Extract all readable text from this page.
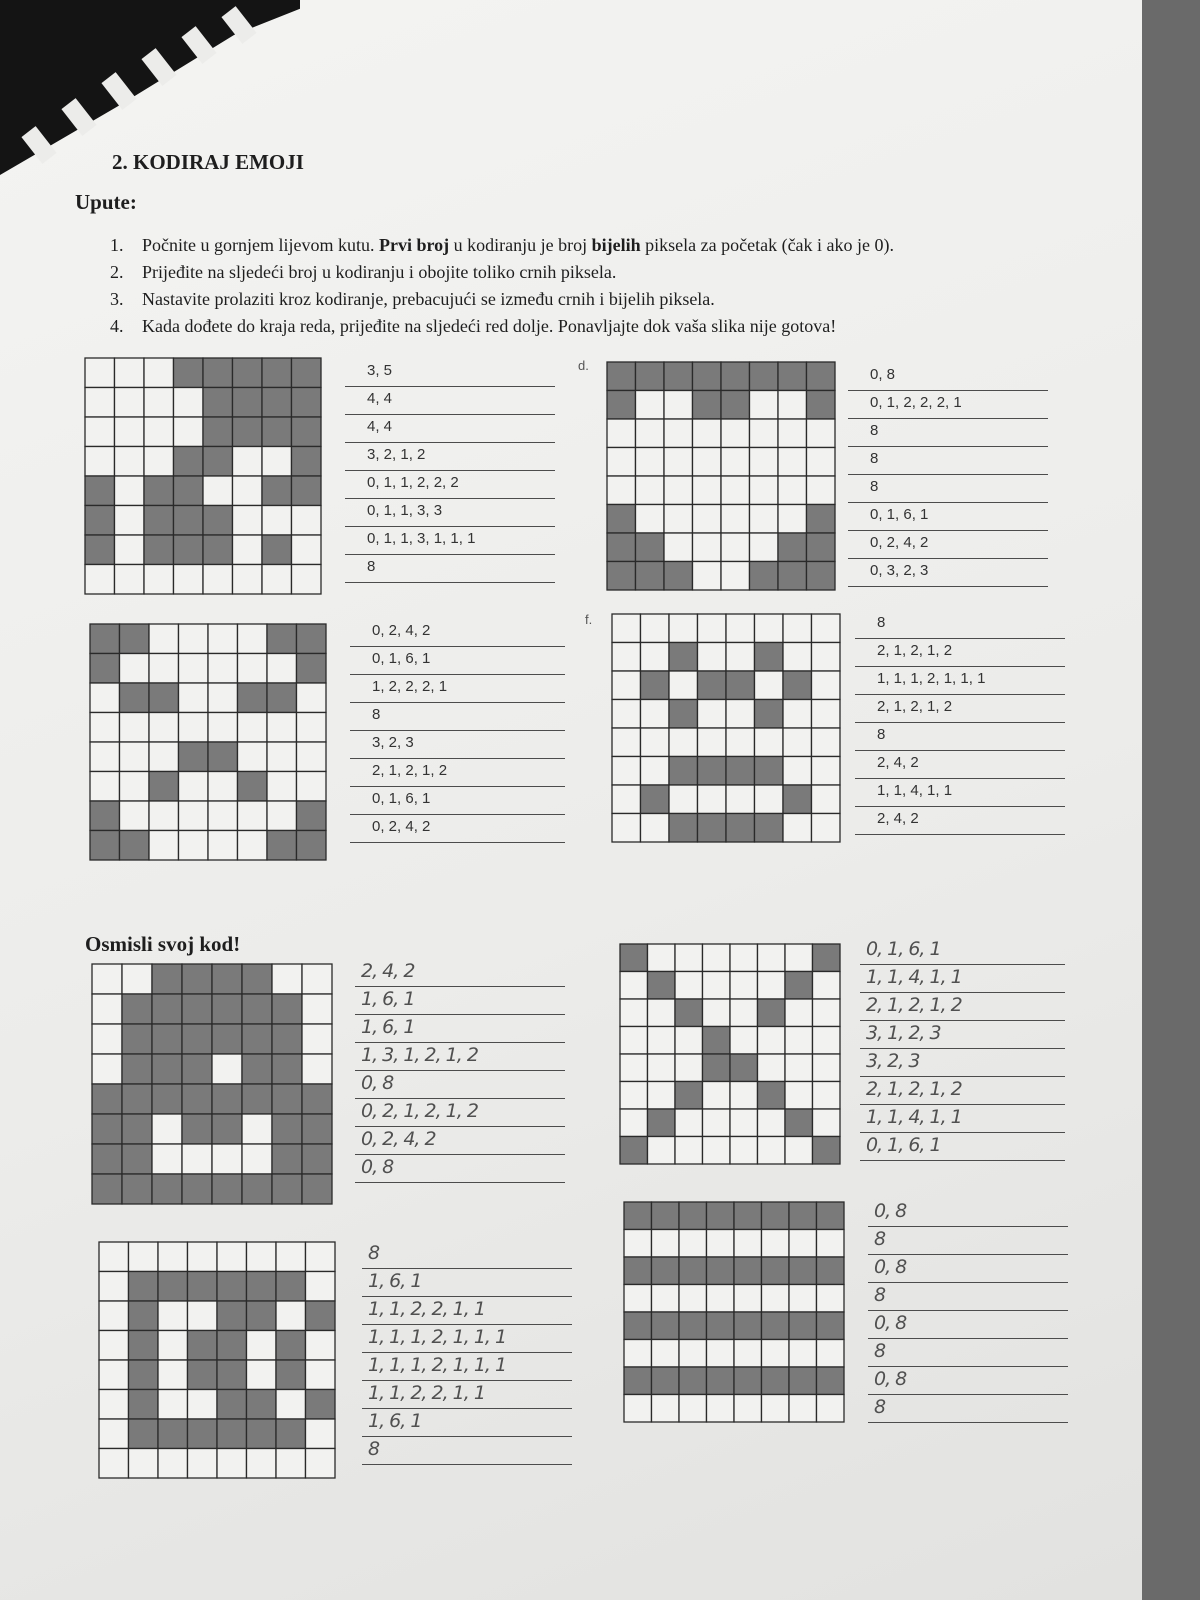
2. KODIRAJ EMOJI
Upute:
1. Počnite u gornjem lijevom kutu. Prvi broj u kodiranju je broj bijelih piksela za početak (čak i ako je 0).
2. Prijeđite na sljedeći broj u kodiranju i obojite toliko crnih piksela.
3. Nastavite prolaziti kroz kodiranje, prebacujući se između crnih i bijelih piksela.
4. Kada dođete do kraja reda, prijeđite na sljedeći red dolje. Ponavljajte dok vaša slika nije gotova!
Osmisli svoj kod!
3, 5
4, 4
4, 4
3, 2, 1, 2
0, 1, 1, 2, 2, 2
0, 1, 1, 3, 3
0, 1, 1, 3, 1, 1, 1
8
0, 8
0, 1, 2, 2, 2, 1
8
8
8
0, 1, 6, 1
0, 2, 4, 2
0, 3, 2, 3
d.
0, 2, 4, 2
0, 1, 6, 1
1, 2, 2, 2, 1
8
3, 2, 3
2, 1, 2, 1, 2
0, 1, 6, 1
0, 2, 4, 2
8
2, 1, 2, 1, 2
1, 1, 1, 2, 1, 1, 1
2, 1, 2, 1, 2
8
2, 4, 2
1, 1, 4, 1, 1
2, 4, 2
f.
2, 4, 2
1, 6, 1
1, 6, 1
1, 3, 1, 2, 1, 2
0, 8
0, 2, 1, 2, 1, 2
0, 2, 4, 2
0, 8
0, 1, 6, 1
1, 1, 4, 1, 1
2, 1, 2, 1, 2
3, 1, 2, 3
3, 2, 3
2, 1, 2, 1, 2
1, 1, 4, 1, 1
0, 1, 6, 1
8
1, 6, 1
1, 1, 2, 2, 1, 1
1, 1, 1, 2, 1, 1, 1
1, 1, 1, 2, 1, 1, 1
1, 1, 2, 2, 1, 1
1, 6, 1
8
0, 8
8
0, 8
8
0, 8
8
0, 8
8
